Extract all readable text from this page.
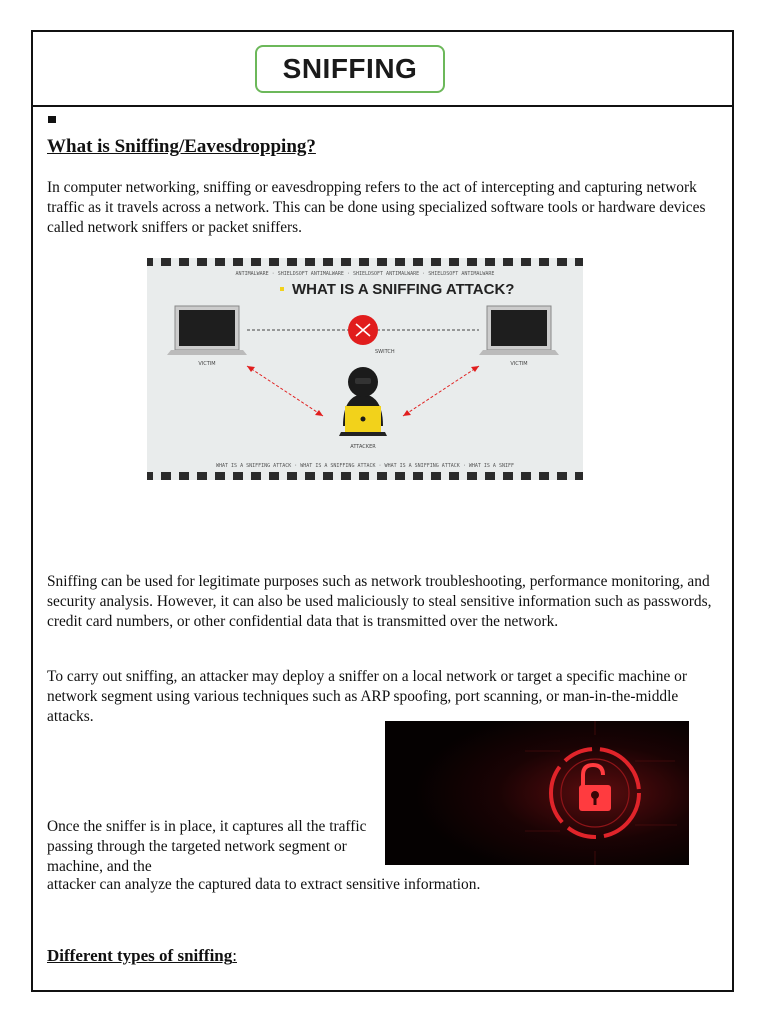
SNIFFING
What is Sniffing/Eavesdropping?

In computer networking, sniffing or eavesdropping refers to the act of intercepting and capturing network traffic as it travels across a network. This can be done using specialized software tools or hardware devices called network sniffers or packet sniffers.

ANTIMALWARE · SHIELDSOFT ANTIMALWARE · SHIELDSOFT ANTIMALWARE · SHIELDSOFT ANTIMALWARE
WHAT IS A SNIFFING ATTACK?
VICTIM	VICTIM
SWITCH
ATTACKER
WHAT IS A SNIFFING ATTACK · WHAT IS A SNIFFING ATTACK · WHAT IS A SNIFFING ATTACK · WHAT IS A SNIFF

Sniffing can be used for legitimate purposes such as network troubleshooting, performance monitoring, and security analysis. However, it can also be used maliciously to steal sensitive information such as passwords, credit card numbers, or other confidential data that is transmitted over the network.

To carry out sniffing, an attacker may deploy a sniffer on a local network or target a specific machine or network segment using various techniques such as ARP spoofing, port scanning, or man-in-the-middle attacks.

Once the sniffer is in place, it captures all the traffic passing through the targeted network segment or machine, and the

attacker can analyze the captured data to extract sensitive information.

Different types of sniffing:
